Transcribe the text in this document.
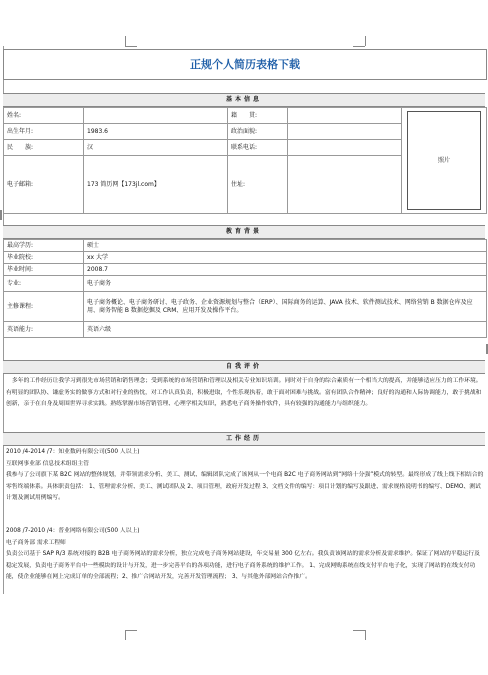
正规个人简历表格下载
基本信息
姓名:		籍　　贯:		照片

出生年月:	1983.6	政治面貌:		
民　　族:	汉	联系电话:		
电子邮箱:	173 简历网【173jl.com】	住址:		
教育背景
最高学历:	硕士
毕业院校:	xx 大学
毕业时间:	2008.7
专业:	电子商务
主修课程:	电子商务概论、电子商务研讨、电子政务、企业资源规划与整合（ERP）、国际商务的运算、JAVA 技术、软件测试技术、网络营销 B 数据仓库及应用、商务智能 B 数据挖掘及 CRM、应用开发及操作平台。
英语能力:	英语六级
自我评价
多年的工作经历让我学习到很先市场营销和销售理念；受到系统的市场营销和管理以及相关专业知识培训。同时对于自身的综合素质有一个相当大的提高，并能够适应压力的工作环境。有明显的团队协、谦虚务实的做事方式和对行业的热忱，对工作认真负责，积极进取，个性乐观执着，敢于面对困难与挑战。富有团队合作精神；良好的沟通和人际协调能力，敢于挑战和创新，亲于在自身及周围世界寻求实践。熟练掌握市场营销管理、心理学相关知识，熟悉电子商务操作软件，具有较强的沟通能力与组织能力。
工作经历
2010 /4-2014 /7：知业数码有限公司(500 人以上)
互联网事业部 信息技术组组主管
我参与了公司旗下某 B2C 网站的整体规划，并带领需求分析、美工、测试、编辑团队完成了该网从一个电商 B2C 电子商务网站到“网络十分强”模式的转型。最终形成了线上线下相结合的零售终端体系。具体职责包括： 1、管理需求分析、美工、测试团队及 2、项目管理，政府开发过程 3、文档文件的编写：项目计划的编写及跟进、需求规格说明书的编写、DEMO、测试计划及测试用例编写。
2008 /7-2010 /4：普业网络有限公司(500 人以上)
电子商务部 需求工程师
负责公司基于 SAP R/3 系统对接的 B2B 电子商务网站的需求分析，独立完成电子商务网站建设，年交易量 300 亿左右。我负责该网站的需求分析及需求维护。保证了网站的平稳运行及稳定发展，负责电子商务平台中一些模块的设计与开发，进一步完善平台的各项功能，进行电子商务系统的维护工作。 1、完成网购系统在线支付平台电子化，实现了网站的在线支付功能，使企业能够在网上完成订单的全部流程；2、推广合网站开发，完善开发管理流程； 3、与其他外部网站合作推广。
